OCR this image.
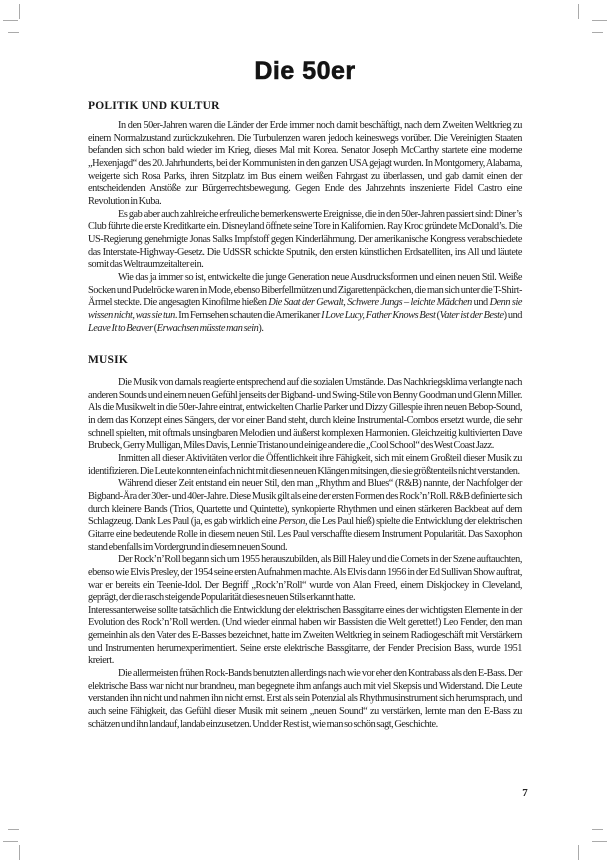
Die 50er
POLITIK UND KULTUR

In den 50er-Jahren waren die Länder der Erde immer noch damit beschäftigt, nach dem Zweiten Weltkrieg zu einem Normalzustand zurückzukehren. Die Turbulenzen waren jedoch keineswegs vorüber. Die Vereinigten Staaten befanden sich schon bald wieder im Krieg, dieses Mal mit Korea. Senator Joseph McCarthy startete eine moderne „Hexenjagd“ des 20. Jahrhunderts, bei der Kommunisten in den ganzen USA gejagt wurden. In Montgomery, Alabama, weigerte sich Rosa Parks, ihren Sitzplatz im Bus einem weißen Fahrgast zu überlassen, und gab damit einen der entscheidenden Anstöße zur Bürgerrechtsbewegung. Gegen Ende des Jahrzehnts inszenierte Fidel Castro eine Revolution in Kuba.

Es gab aber auch zahlreiche erfreuliche bemerkenswerte Ereignisse, die in den 50er-Jahren passiert sind: Diner’s Club führte die erste Kreditkarte ein. Disneyland öffnete seine Tore in Kalifornien. Ray Kroc gründete McDonald’s. Die US-Regierung genehmigte Jonas Salks Impfstoff gegen Kinderlähmung. Der amerikanische Kongress verabschiedete das Interstate-Highway-Gesetz. Die UdSSR schickte Sputnik, den ersten künstlichen Erdsatelliten, ins All und läutete somit das Weltraumzeitalter ein.

Wie das ja immer so ist, entwickelte die junge Generation neue Ausdrucksformen und einen neuen Stil. Weiße Socken und Pudelröcke waren in Mode, ebenso Biberfellmützen und Zigarettenpäckchen, die man sich unter die T-Shirt-Ärmel steckte. Die angesagten Kinofilme hießen Die Saat der Gewalt, Schwere Jungs – leichte Mädchen und Denn sie wissen nicht, was sie tun. Im Fernsehen schauten die Amerikaner I Love Lucy, Father Knows Best (Vater ist der Beste) und Leave It to Beaver (Erwachsen müsste man sein).

MUSIK

Die Musik von damals reagierte entsprechend auf die sozialen Umstände. Das Nachkriegsklima verlangte nach anderen Sounds und einem neuen Gefühl jenseits der Bigband- und Swing-Stile von Benny Goodman und Glenn Miller. Als die Musikwelt in die 50er-Jahre eintrat, entwickelten Charlie Parker und Dizzy Gillespie ihren neuen Bebop-Sound, in dem das Konzept eines Sängers, der vor einer Band steht, durch kleine Instrumental-Combos ersetzt wurde, die sehr schnell spielten, mit oftmals unsingbaren Melodien und äußerst komplexen Harmonien. Gleichzeitig kultivierten Dave Brubeck, Gerry Mulligan, Miles Davis, Lennie Tristano und einige andere die „Cool School“ des West Coast Jazz.

Inmitten all dieser Aktivitäten verlor die Öffentlichkeit ihre Fähigkeit, sich mit einem Großteil dieser Musik zu identifizieren. Die Leute konnten einfach nicht mit diesen neuen Klängen mitsingen, die sie größtenteils nicht verstanden.

Während dieser Zeit entstand ein neuer Stil, den man „Rhythm and Blues“ (R&B) nannte, der Nachfolger der Bigband-Ära der 30er- und 40er-Jahre. Diese Musik gilt als eine der ersten Formen des Rock’n’Roll. R&B definierte sich durch kleinere Bands (Trios, Quartette und Quintette), synkopierte Rhythmen und einen stärkeren Backbeat auf dem Schlagzeug. Dank Les Paul (ja, es gab wirklich eine Person, die Les Paul hieß) spielte die Entwicklung der elektrischen Gitarre eine bedeutende Rolle in diesem neuen Stil. Les Paul verschaffte diesem Instrument Popularität. Das Saxophon stand ebenfalls im Vordergrund in diesem neuen Sound.

Der Rock’n’Roll begann sich um 1955 herauszubilden, als Bill Haley und die Comets in der Szene auftauchten, ebenso wie Elvis Presley, der 1954 seine ersten Aufnahmen machte. Als Elvis dann 1956 in der Ed Sullivan Show auftrat, war er bereits ein Teenie-Idol. Der Begriff „Rock’n’Roll“ wurde von Alan Freed, einem Diskjockey in Cleveland, geprägt, der die rasch steigende Popularität dieses neuen Stils erkannt hatte.

Interessanterweise sollte tatsächlich die Entwicklung der elektrischen Bassgitarre eines der wichtigsten Elemente in der Evolution des Rock’n’Roll werden. (Und wieder einmal haben wir Bassisten die Welt gerettet!) Leo Fender, den man gemeinhin als den Vater des E-Basses bezeichnet, hatte im Zweiten Weltkrieg in seinem Radiogeschäft mit Verstärkern und Instrumenten herumexperimentiert. Seine erste elektrische Bassgitarre, der Fender Precision Bass, wurde 1951 kreiert.

Die allermeisten frühen Rock-Bands benutzten allerdings nach wie vor eher den Kontrabass als den E-Bass. Der elektrische Bass war nicht nur brandneu, man begegnete ihm anfangs auch mit viel Skepsis und Widerstand. Die Leute verstanden ihn nicht und nahmen ihn nicht ernst. Erst als sein Potenzial als Rhythmusinstrument sich herumsprach, und auch seine Fähigkeit, das Gefühl dieser Musik mit seinem „neuen Sound“ zu verstärken, lernte man den E-Bass zu schätzen und ihn landauf, landab einzusetzen. Und der Rest ist, wie man so schön sagt, Geschichte.

7
